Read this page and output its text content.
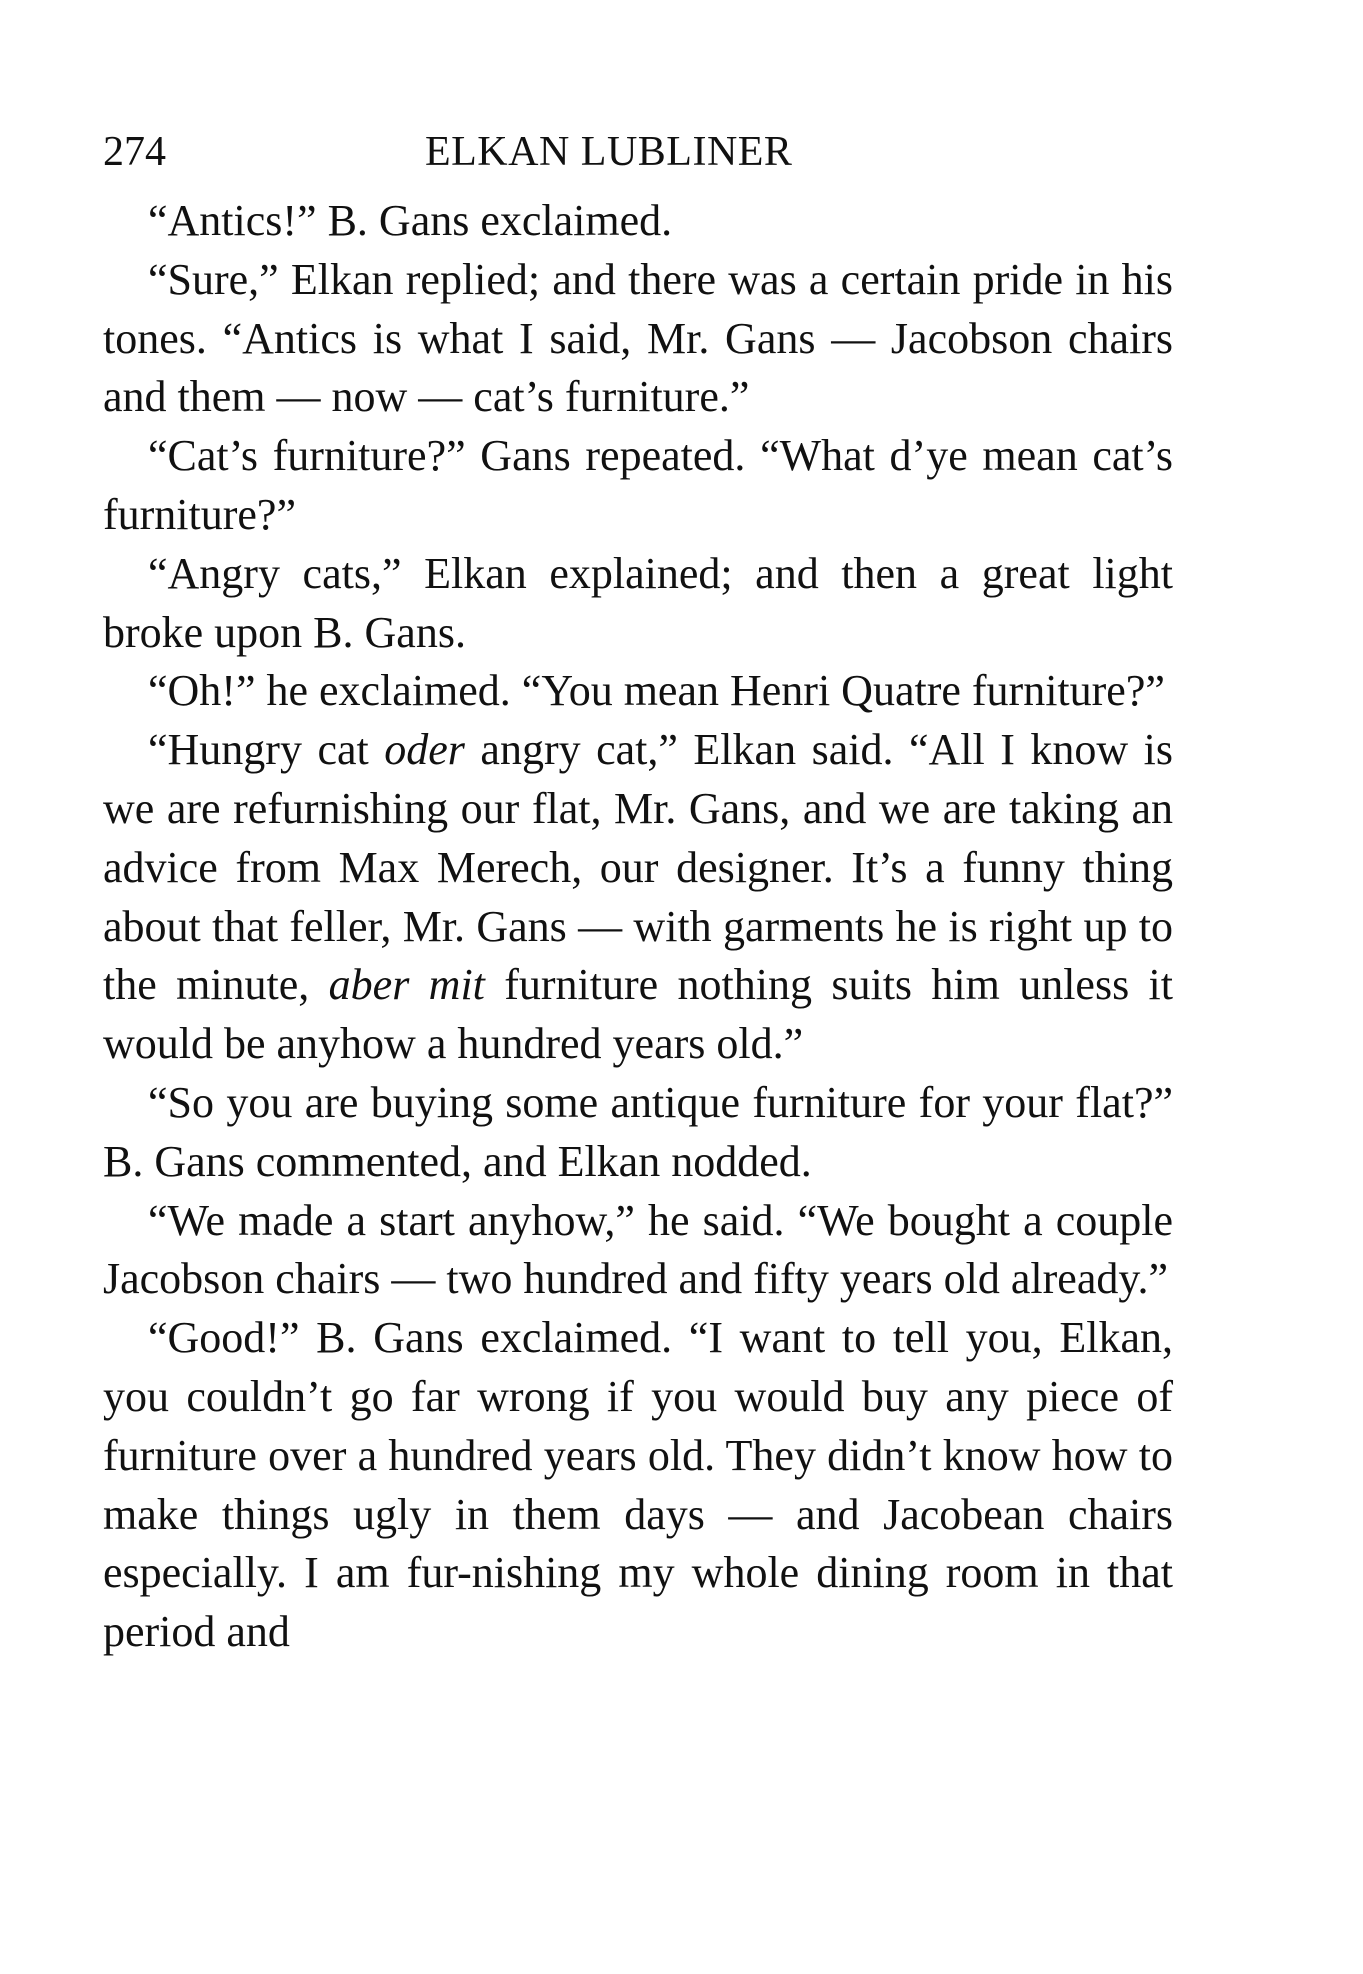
274	ELKAN LUBLINER

“Antics!” B. Gans exclaimed.

“Sure,” Elkan replied; and there was a certain pride in his tones. “Antics is what I said, Mr. Gans — Jacobson chairs and them — now — cat’s furniture.”

“Cat’s furniture?” Gans repeated. “What d’ye mean cat’s furniture?”

“Angry cats,” Elkan explained; and then a great light broke upon B. Gans.

“Oh!” he exclaimed. “You mean Henri Quatre furniture?”

“Hungry cat oder angry cat,” Elkan said. “All I know is we are refurnishing our flat, Mr. Gans, and we are taking an advice from Max Merech, our designer. It’s a funny thing about that feller, Mr. Gans — with garments he is right up to the minute, aber mit furniture nothing suits him unless it would be anyhow a hundred years old.”

“So you are buying some antique furniture for your flat?” B. Gans commented, and Elkan nodded.

“We made a start anyhow,” he said. “We bought a couple Jacobson chairs — two hundred and fifty years old already.”

“Good!” B. Gans exclaimed. “I want to tell you, Elkan, you couldn’t go far wrong if you would buy any piece of furniture over a hundred years old. They didn’t know how to make things ugly in them days — and Jacobean chairs especially. I am fur-nishing my whole dining room in that period and
